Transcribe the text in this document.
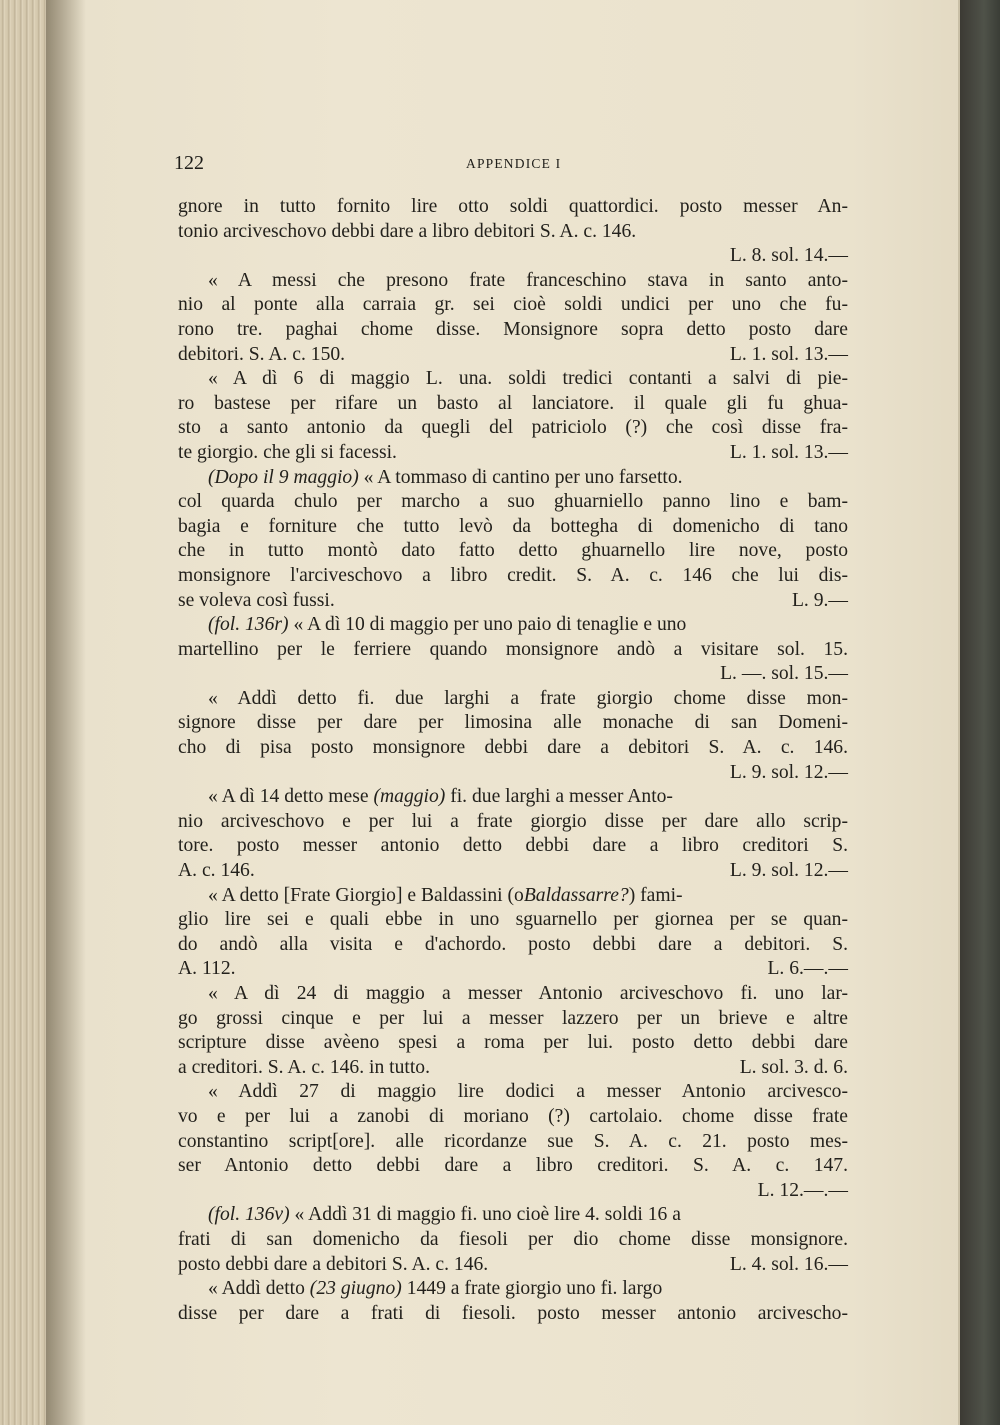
122	APPENDICE I
gnore in tutto fornito lire otto soldi quattordici. posto messer An-
tonio arcivesсhovo debbi dare a libro debitori S. A. c. 146.
L. 8. sol. 14.—
« A messi che presono frate franceschino stava in santo anto-
nio al ponte alla carraia gr. sei cioè soldi undici per uno che fu-
rono tre. paghai chome disse. Monsignore sopra detto posto dare
debitori. S. A. c. 150.	L. 1. sol. 13.—
« A dì 6 di maggio L. una. soldi tredici contanti a salvi di pie-
ro bastese per rifare un basto al lanciatore. il quale gli fu ghua-
sto a santo antonio da quegli del patriciolo (?) che così disse fra-
te giorgio. che gli si facessi.	L. 1. sol. 13.—
(Dopo il 9 maggio) « A tommaso di cantino per uno farsetto.
col quarda chulo per marcho a suo ghuarniello panno lino e bam-
bagia e forniture che tutto levò da bottegha di domenicho di tano
che in tutto montò dato fatto detto ghuarnello lire nove, posto
monsignore l'arciveschovo a libro credit. S. A. c. 146 che lui dis-
se voleva così fussi.	L. 9.—
(fol. 136r) « A dì 10 di maggio per uno paio di tenaglie e uno
martellino per le ferriere quando monsignore andò a visitare sol. 15.
L. —. sol. 15.—
« Addì detto fi. due larghi a frate giorgio chome disse mon-
signore disse per dare per limosina alle monache di san Domeni-
cho di pisa posto monsignore debbi dare a debitori S. A. c. 146.
L. 9. sol. 12.—
« A dì 14 detto mese (maggio) fi. due larghi a messer Anto-
nio arciveschovo e per lui a frate giorgio disse per dare allo scrip-
tore. posto messer antonio detto debbi dare a libro creditori S.
A. c. 146.	L. 9. sol. 12.—
« A detto [Frate Giorgio] e Baldassini (oBaldassarre?) fami-
glio lire sei e quali ebbe in uno sguarnello per giornea per se quan-
do andò alla visita e d'achordo. posto debbi dare a debitori. S.
A. 112.	L. 6.—.—
« A dì 24 di maggio a messer Antonio arciveschovo fi. uno lar-
go grossi cinque e per lui a messer lazzero per un brieve e altre
scripture disse avèeno spesi a roma per lui. posto detto debbi dare
a creditori. S. A. c. 146. in tutto.	L. sol. 3. d. 6.
« Addì 27 di maggio lire dodici a messer Antonio arcivesco-
vo e per lui a zanobi di moriano (?) cartolaio. chome disse frate
constantino script[ore]. alle ricordanze sue S. A. c. 21. posto mes-
ser Antonio detto debbi dare a libro creditori. S. A. c. 147.
L. 12.—.—
(fol. 136v) « Addì 31 di maggio fi. uno cioè lire 4. soldi 16 a
frati di san domenicho da fiesoli per dio chome disse monsignore.
posto debbi dare a debitori S. A. c. 146.	L. 4. sol. 16.—
« Addì detto (23 giugno) 1449 a frate giorgio uno fi. largo
disse per dare a frati di fiesoli. posto messer antonio arciveschо-
